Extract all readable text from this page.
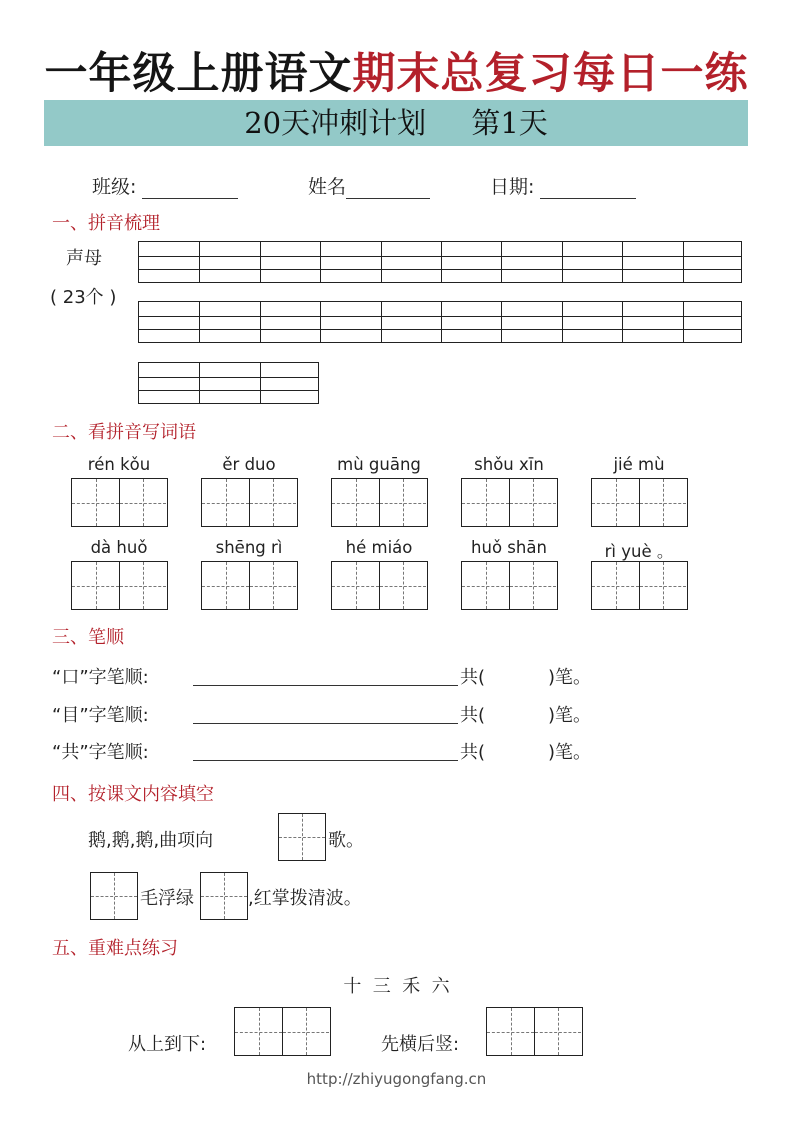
一年级上册语文期末总复习每日一练
20天冲刺计划 第1天
班级:	姓名	日期:
一、拼音梳理
声母
( 23个 )
二、看拼音写词语
rén kǒu	ěr duo	mù guāng	shǒu xīn	jié mù
dà huǒ	shēng rì	hé miáo	huǒ shān	rì yuè 。
三、笔顺
“口”字笔顺:	共(	)笔。
“目”字笔顺:	共(	)笔。
“共”字笔顺:	共(	)笔。
四、按课文内容填空
鹅,鹅,鹅,曲项向	歌。
毛浮绿	,红掌拨清波。
五、重难点练习
十  三  禾  六
从上到下:	先横后竖:
http://zhiyugongfang.cn
